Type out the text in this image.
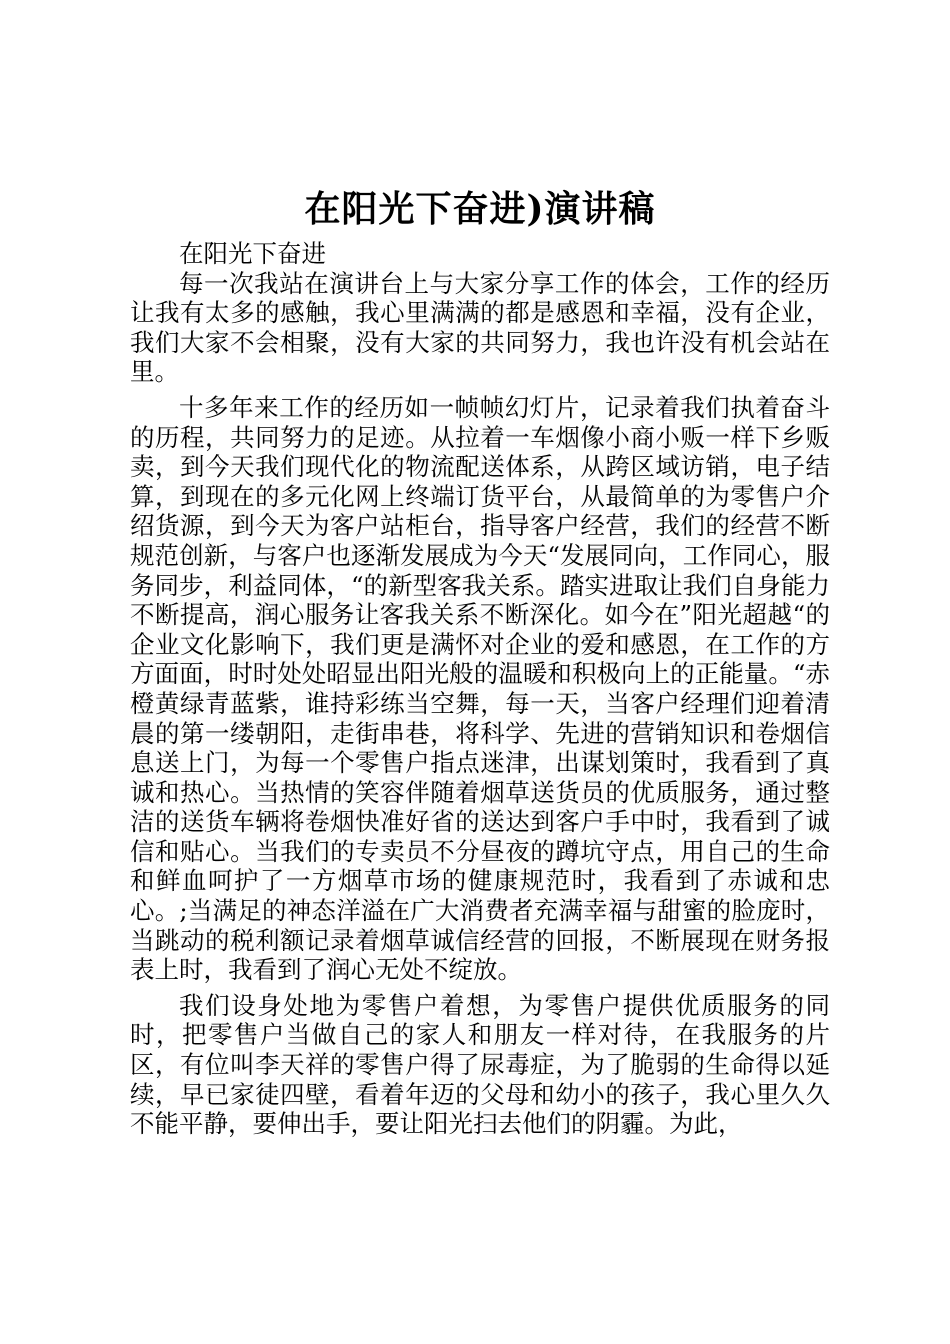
在阳光下奋进)演讲稿

在阳光下奋进

每一次我站在演讲台上与大家分享工作的体会，工作的经历让我有太多的感触，我心里满满的都是感恩和幸福，没有企业，我们大家不会相聚，没有大家的共同努力，我也许没有机会站在里。

十多年来工作的经历如一帧帧幻灯片，记录着我们执着奋斗的历程，共同努力的足迹。从拉着一车烟像小商小贩一样下乡贩卖，到今天我们现代化的物流配送体系，从跨区域访销，电子结算，到现在的多元化网上终端订货平台，从最简单的为零售户介绍货源，到今天为客户站柜台，指导客户经营，我们的经营不断规范创新，与客户也逐渐发展成为今天“发展同向，工作同心，服务同步，利益同体，“的新型客我关系。踏实进取让我们自身能力不断提高，润心服务让客我关系不断深化。如今在”阳光超越“的企业文化影响下，我们更是满怀对企业的爱和感恩，在工作的方方面面，时时处处昭显出阳光般的温暖和积极向上的正能量。“赤橙黄绿青蓝紫，谁持彩练当空舞，每一天，当客户经理们迎着清晨的第一缕朝阳，走街串巷，将科学、先进的营销知识和卷烟信息送上门，为每一个零售户指点迷津，出谋划策时，我看到了真诚和热心。当热情的笑容伴随着烟草送货员的优质服务，通过整洁的送货车辆将卷烟快准好省的送达到客户手中时，我看到了诚信和贴心。当我们的专卖员不分昼夜的蹲坑守点，用自己的生命和鲜血呵护了一方烟草市场的健康规范时，我看到了赤诚和忠心。;当满足的神态洋溢在广大消费者充满幸福与甜蜜的脸庞时，当跳动的税利额记录着烟草诚信经营的回报，不断展现在财务报表上时，我看到了润心无处不绽放。

我们设身处地为零售户着想，为零售户提供优质服务的同时，把零售户当做自己的家人和朋友一样对待，在我服务的片区，有位叫李天祥的零售户得了尿毒症，为了脆弱的生命得以延续，早已家徒四壁，看着年迈的父母和幼小的孩子，我心里久久不能平静，要伸出手，要让阳光扫去他们的阴霾。为此，
